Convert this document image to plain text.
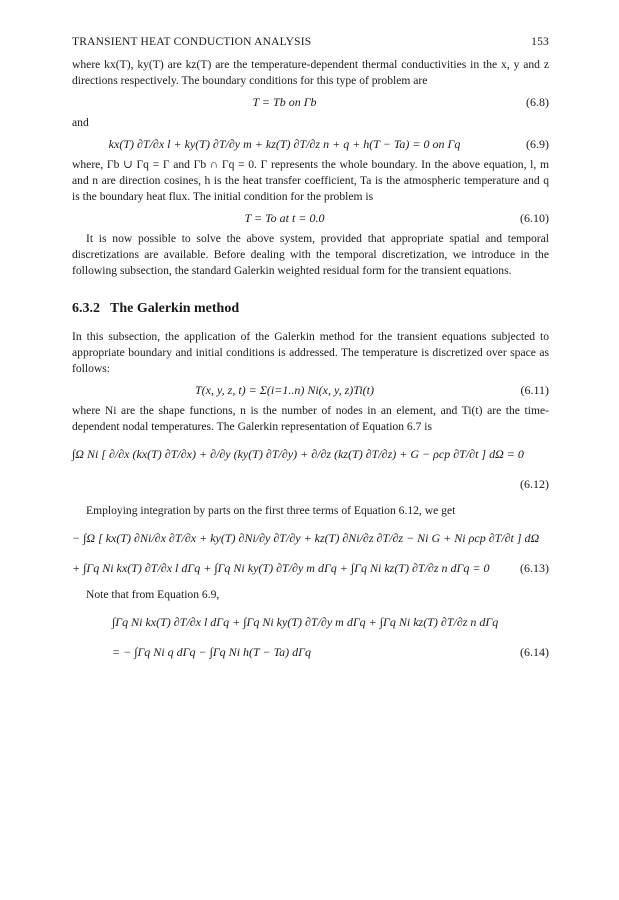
TRANSIENT HEAT CONDUCTION ANALYSIS	153

where kx(T), ky(T) are kz(T) are the temperature-dependent thermal conductivities in the x, y and z directions respectively. The boundary conditions for this type of problem are

T = Tb on Γb	(6.8)

and

kx(T) ∂T/∂x l + ky(T) ∂T/∂y m + kz(T) ∂T/∂z n + q + h(T − Ta) = 0 on Γq	(6.9)

where, Γb ∪ Γq = Γ and Γb ∩ Γq = 0. Γ represents the whole boundary. In the above equation, l, m and n are direction cosines, h is the heat transfer coefficient, Ta is the atmospheric temperature and q is the boundary heat flux. The initial condition for the problem is

T = To at t = 0.0	(6.10)

It is now possible to solve the above system, provided that appropriate spatial and temporal discretizations are available. Before dealing with the temporal discretization, we introduce in the following subsection, the standard Galerkin weighted residual form for the transient equations.

6.3.2 The Galerkin method

In this subsection, the application of the Galerkin method for the transient equations subjected to appropriate boundary and initial conditions is addressed. The temperature is discretized over space as follows:

T(x, y, z, t) = Σ(i=1..n) Ni(x, y, z)Ti(t)	(6.11)

where Ni are the shape functions, n is the number of nodes in an element, and Ti(t) are the time-dependent nodal temperatures. The Galerkin representation of Equation 6.7 is

∫Ω Ni [ ∂/∂x (kx(T) ∂T/∂x) + ∂/∂y (ky(T) ∂T/∂y) + ∂/∂z (kz(T) ∂T/∂z) + G − ρcp ∂T/∂t ] dΩ = 0
(6.12)

Employing integration by parts on the first three terms of Equation 6.12, we get

− ∫Ω [ kx(T) ∂Ni/∂x ∂T/∂x + ky(T) ∂Ni/∂y ∂T/∂y + kz(T) ∂Ni/∂z ∂T/∂z − Ni G + Ni ρcp ∂T/∂t ] dΩ
+ ∫Γq Ni kx(T) ∂T/∂x l dΓq + ∫Γq Ni ky(T) ∂T/∂y m dΓq + ∫Γq Ni kz(T) ∂T/∂z n dΓq = 0	(6.13)

Note that from Equation 6.9,

∫Γq Ni kx(T) ∂T/∂x l dΓq + ∫Γq Ni ky(T) ∂T/∂y m dΓq + ∫Γq Ni kz(T) ∂T/∂z n dΓq
= − ∫Γq Ni q dΓq − ∫Γq Ni h(T − Ta) dΓq	(6.14)
